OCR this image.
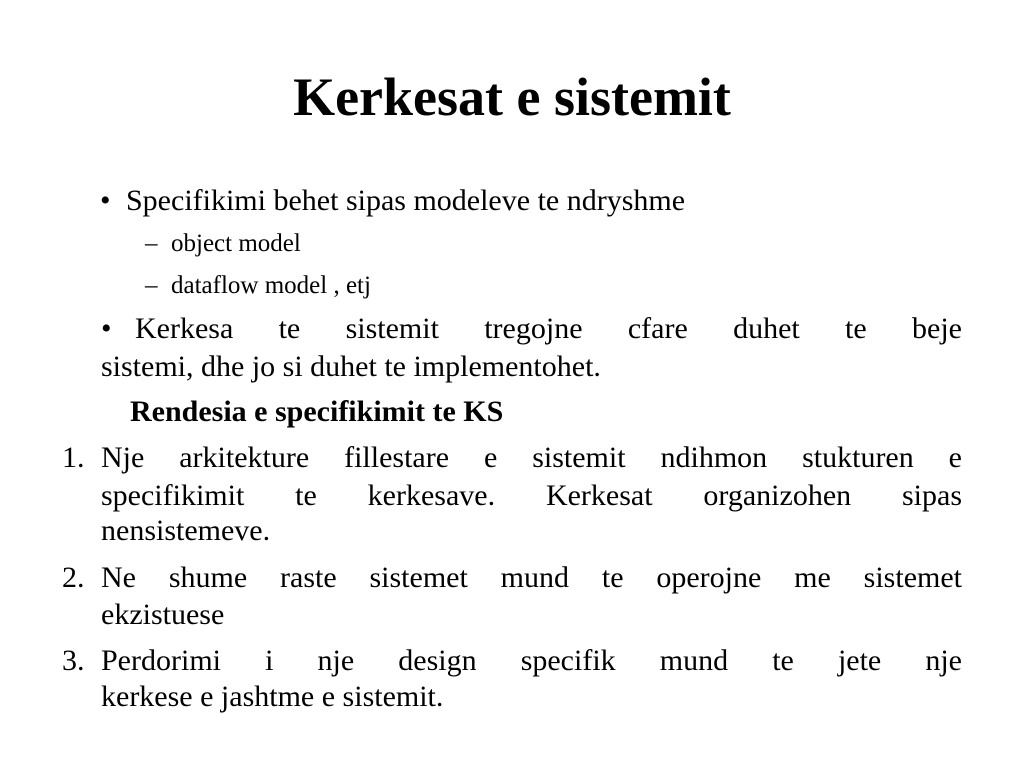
Kerkesat e sistemit
• Specifikimi behet sipas modeleve te ndryshme
– object model
– dataflow model , etj
• Kerkesa te sistemit tregojne cfare duhet te beje
sistemi, dhe jo si duhet te implementohet.
Rendesia e specifikimit te KS
1. Nje arkitekture fillestare e sistemit ndihmon stukturen e
specifikimit te kerkesave. Kerkesat organizohen sipas
nensistemeve.
2. Ne shume raste sistemet mund te operojne me sistemet
ekzistuese
3. Perdorimi i nje design specifik mund te jete nje
kerkese e jashtme e sistemit.
